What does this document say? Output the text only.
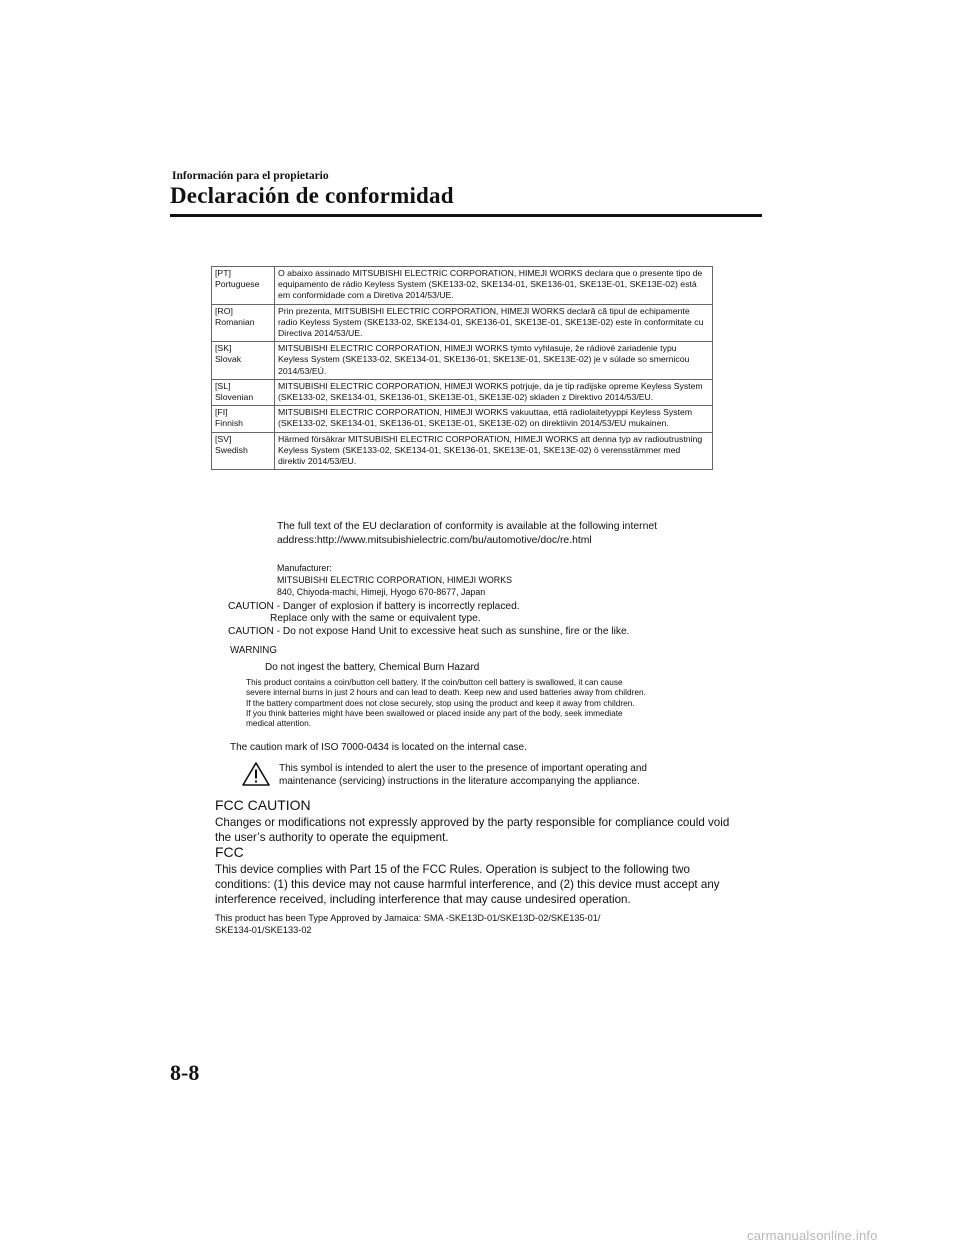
Información para el propietario
Declaración de conformidad
[PT]
Portuguese	O abaixo assinado MITSUBISHI ELECTRIC CORPORATION, HIMEJI WORKS declara que o presente tipo de equipamento de rádio Keyless System (SKE133-02, SKE134-01, SKE136-01, SKE13E-01, SKE13E-02) está em conformidade com a Diretiva 2014/53/UE.

[RO]
Romanian	Prin prezenta, MITSUBISHI ELECTRIC CORPORATION, HIMEJI WORKS declară că tipul de echipamente radio Keyless System (SKE133-02, SKE134-01, SKE136-01, SKE13E-01, SKE13E-02) este în conformitate cu Directiva 2014/53/UE.

[SK]
Slovak	MITSUBISHI ELECTRIC CORPORATION, HIMEJI WORKS týmto vyhlasuje, že rádiové zariadenie typu Keyless System (SKE133-02, SKE134-01, SKE136-01, SKE13E-01, SKE13E-02) je v súlade so smernicou 2014/53/EÚ.

[SL]
Slovenian	MITSUBISHI ELECTRIC CORPORATION, HIMEJI WORKS potrjuje, da je tip radijske opreme Keyless System (SKE133-02, SKE134-01, SKE136-01, SKE13E-01, SKE13E-02) skladen z Direktivo 2014/53/EU.

[FI]
Finnish	MITSUBISHI ELECTRIC CORPORATION, HIMEJI WORKS vakuuttaa, että radiolaitetyyppi Keyless System (SKE133-02, SKE134-01, SKE136-01, SKE13E-01, SKE13E-02) on direktiivin 2014/53/EU mukainen.

[SV]
Swedish	Härmed försäkrar MITSUBISHI ELECTRIC CORPORATION, HIMEJI WORKS att denna typ av radioutrustning Keyless System (SKE133-02, SKE134-01, SKE136-01, SKE13E-01, SKE13E-02) ö verensstämmer med direktiv 2014/53/EU.
The full text of the EU declaration of conformity is available at the following internet address:http://www.mitsubishielectric.com/bu/automotive/doc/re.html
Manufacturer:
MITSUBISHI ELECTRIC CORPORATION, HIMEJI WORKS
840, Chiyoda-machi, Himeji, Hyogo 670-8677, Japan
CAUTION - Danger of explosion if battery is incorrectly replaced.
Replace only with the same or equivalent type.
CAUTION - Do not expose Hand Unit to excessive heat such as sunshine, fire or the like.
WARNING
Do not ingest the battery, Chemical Burn Hazard
This product contains a coin/button cell battery. If the coin/button cell battery is swallowed, it can cause
severe internal burns in just 2 hours and can lead to death. Keep new and used batteries away from children.
If the battery compartment does not close securely, stop using the product and keep it away from children.
If you think batteries might have been swallowed or placed inside any part of the body, seek immediate
medical attention.
The caution mark of ISO 7000-0434 is located on the internal case.
This symbol is intended to alert the user to the presence of important operating and maintenance (servicing) instructions in the literature accompanying the appliance.
FCC CAUTION
Changes or modifications not expressly approved by the party responsible for compliance could void the user’s authority to operate the equipment.
FCC
This device complies with Part 15 of the FCC Rules. Operation is subject to the following two conditions: (1) this device may not cause harmful interference, and (2) this device must accept any interference received, including interference that may cause undesired operation.
This product has been Type Approved by Jamaica: SMA -SKE13D-01/SKE13D-02/SKE135-01/
SKE134-01/SKE133-02
8-8
carmanualsonline.info
